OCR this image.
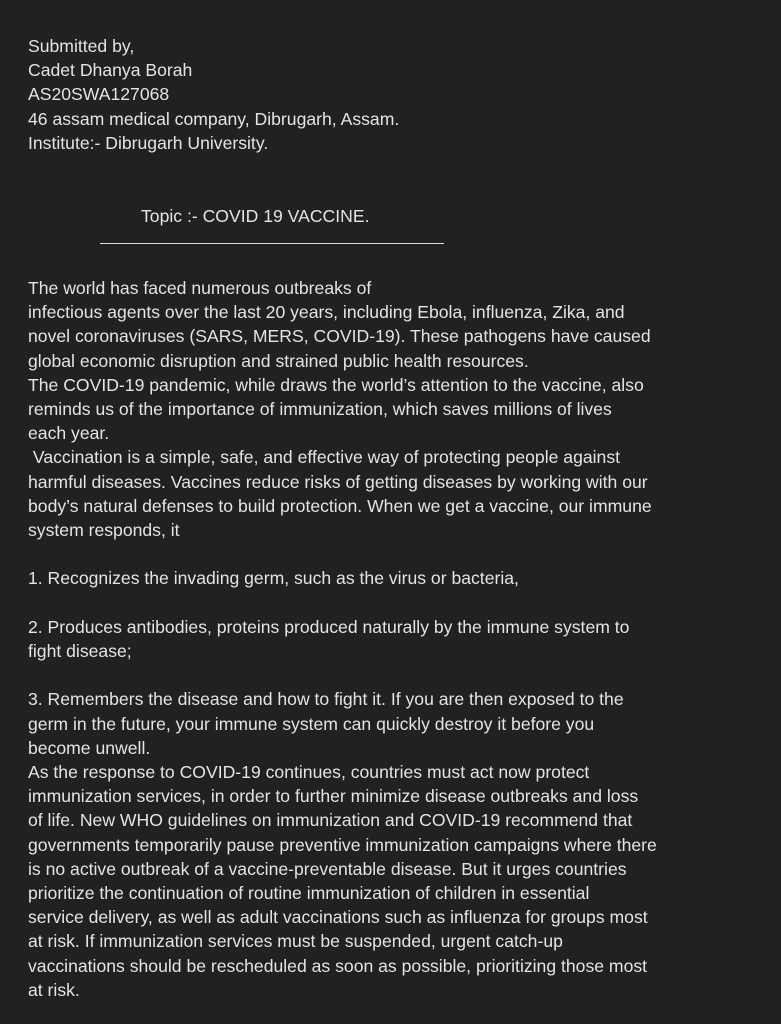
Submitted by,
Cadet Dhanya Borah
AS20SWA127068
46 assam medical company, Dibrugarh, Assam.
Institute:- Dibrugarh University.
Topic :- COVID 19 VACCINE.
The world has faced numerous outbreaks of
infectious agents over the last 20 years, including Ebola, influenza, Zika, and
novel coronaviruses (SARS, MERS, COVID-19). These pathogens have caused
global economic disruption and strained public health resources.
The COVID-19 pandemic, while draws the world’s attention to the vaccine, also
reminds us of the importance of immunization, which saves millions of lives
each year.
Vaccination is a simple, safe, and effective way of protecting people against
harmful diseases. Vaccines reduce risks of getting diseases by working with our
body’s natural defenses to build protection. When we get a vaccine, our immune
system responds, it
1. Recognizes the invading germ, such as the virus or bacteria,
2. Produces antibodies, proteins produced naturally by the immune system to
fight disease;
3. Remembers the disease and how to fight it. If you are then exposed to the
germ in the future, your immune system can quickly destroy it before you
become unwell.
As the response to COVID-19 continues, countries must act now protect
immunization services, in order to further minimize disease outbreaks and loss
of life. New WHO guidelines on immunization and COVID-19 recommend that
governments temporarily pause preventive immunization campaigns where there
is no active outbreak of a vaccine-preventable disease. But it urges countries
prioritize the continuation of routine immunization of children in essential
service delivery, as well as adult vaccinations such as influenza for groups most
at risk. If immunization services must be suspended, urgent catch-up
vaccinations should be rescheduled as soon as possible, prioritizing those most
at risk.
